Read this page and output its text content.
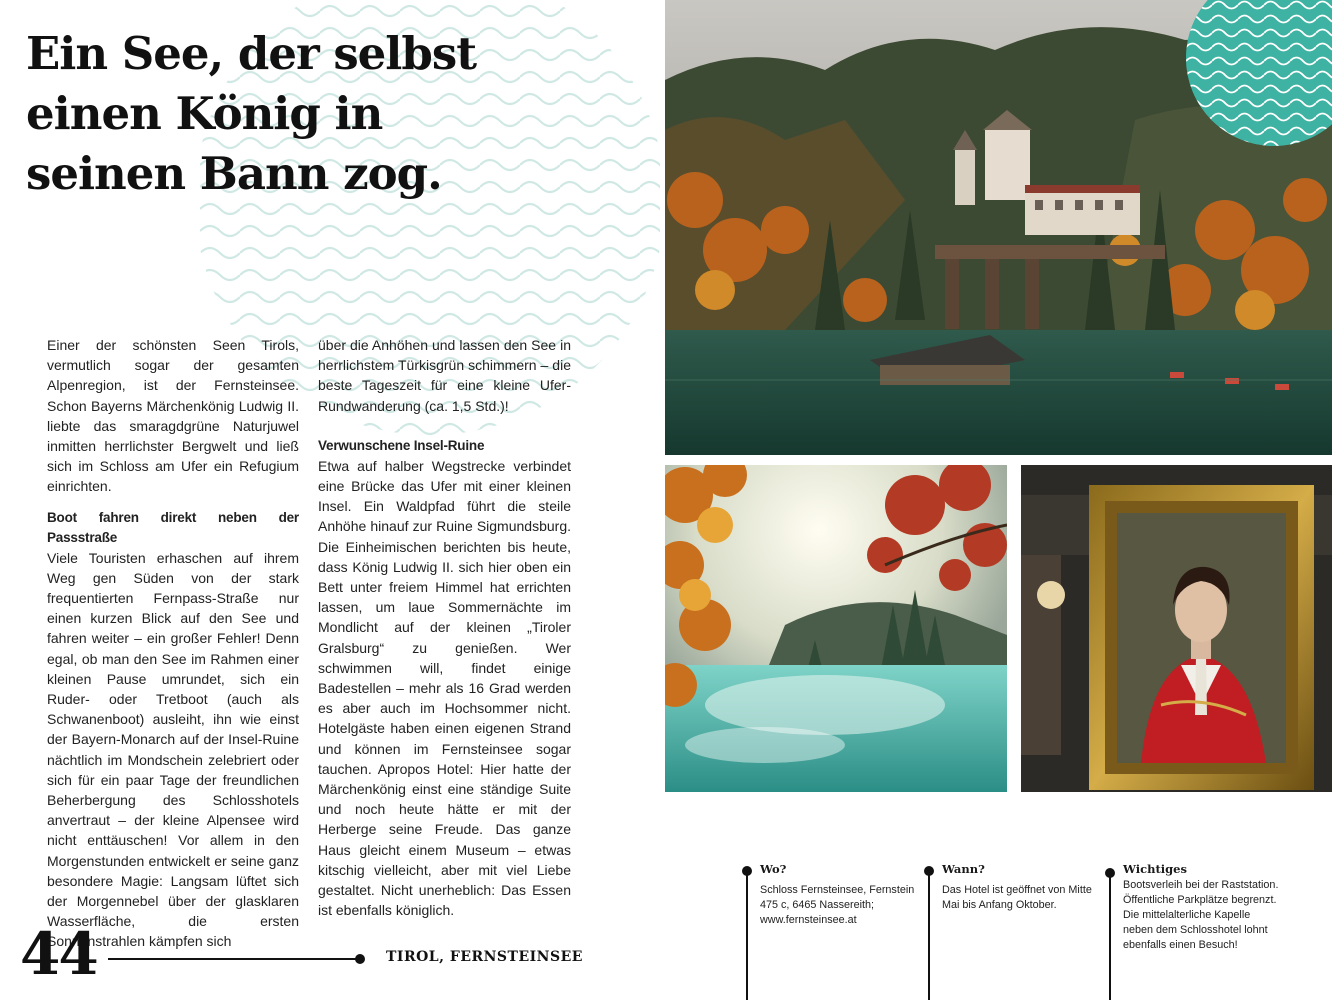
Ein See, der selbst
einen König in
seinen Bann zog.

Einer der schönsten Seen Tirols, vermutlich sogar der gesamten Alpenregion, ist der Fernsteinsee. Schon Bayerns Märchenkönig Ludwig II. liebte das smaragdgrüne Naturjuwel inmitten herrlichster Bergwelt und ließ sich im Schloss am Ufer ein Refugium einrichten.

Boot fahren direkt neben der Passstraße

Viele Touristen erhaschen auf ihrem Weg gen Süden von der stark frequentierten Fernpass-Straße nur einen kurzen Blick auf den See und fahren weiter – ein großer Fehler! Denn egal, ob man den See im Rahmen einer kleinen Pause umrundet, sich ein Ruder- oder Tretboot (auch als Schwanenboot) ausleiht, ihn wie einst der Bayern-Monarch auf der Insel-Ruine nächtlich im Mondschein zelebriert oder sich für ein paar Tage der freundlichen Beherbergung des Schlosshotels anvertraut – der kleine Alpensee wird nicht enttäuschen! Vor allem in den Morgenstunden entwickelt er seine ganz besondere Magie: Langsam lüftet sich der Morgennebel über der glasklaren Wasserfläche, die ersten Sonnenstrahlen kämpfen sich

über die Anhöhen und lassen den See in herrlichstem Türkisgrün schimmern – die beste Tageszeit für eine kleine Ufer-Rundwanderung (ca. 1,5 Std.)!

Verwunschene Insel-Ruine

Etwa auf halber Wegstrecke verbindet eine Brücke das Ufer mit einer kleinen Insel. Ein Waldpfad führt die steile Anhöhe hinauf zur Ruine Sigmundsburg. Die Einheimischen berichten bis heute, dass König Ludwig II. sich hier oben ein Bett unter freiem Himmel hat errichten lassen, um laue Sommernächte im Mondlicht auf der kleinen „Tiroler Gralsburg“ zu genießen. Wer schwimmen will, findet einige Badestellen – mehr als 16 Grad werden es aber auch im Hochsommer nicht. Hotelgäste haben einen eigenen Strand und können im Fernsteinsee sogar tauchen. Apropos Hotel: Hier hatte der Märchenkönig einst eine ständige Suite und noch heute hätte er mit der Herberge seine Freude. Das ganze Haus gleicht einem Museum – etwas kitschig vielleicht, aber mit viel Liebe gestaltet. Nicht unerheblich: Das Essen ist ebenfalls königlich.

44	TIROL, FERNSTEINSEE
Wo?

Schloss Fernsteinsee, Fernstein

475 c, 6465 Nassereith;

www.fernsteinsee.at

Wann?

Das Hotel ist geöffnet von Mitte

Mai bis Anfang Oktober.

Wichtiges

Bootsverleih bei der Raststation.

Öffentliche Parkplätze begrenzt.

Die mittelalterliche Kapelle

neben dem Schlosshotel lohnt

ebenfalls einen Besuch!
